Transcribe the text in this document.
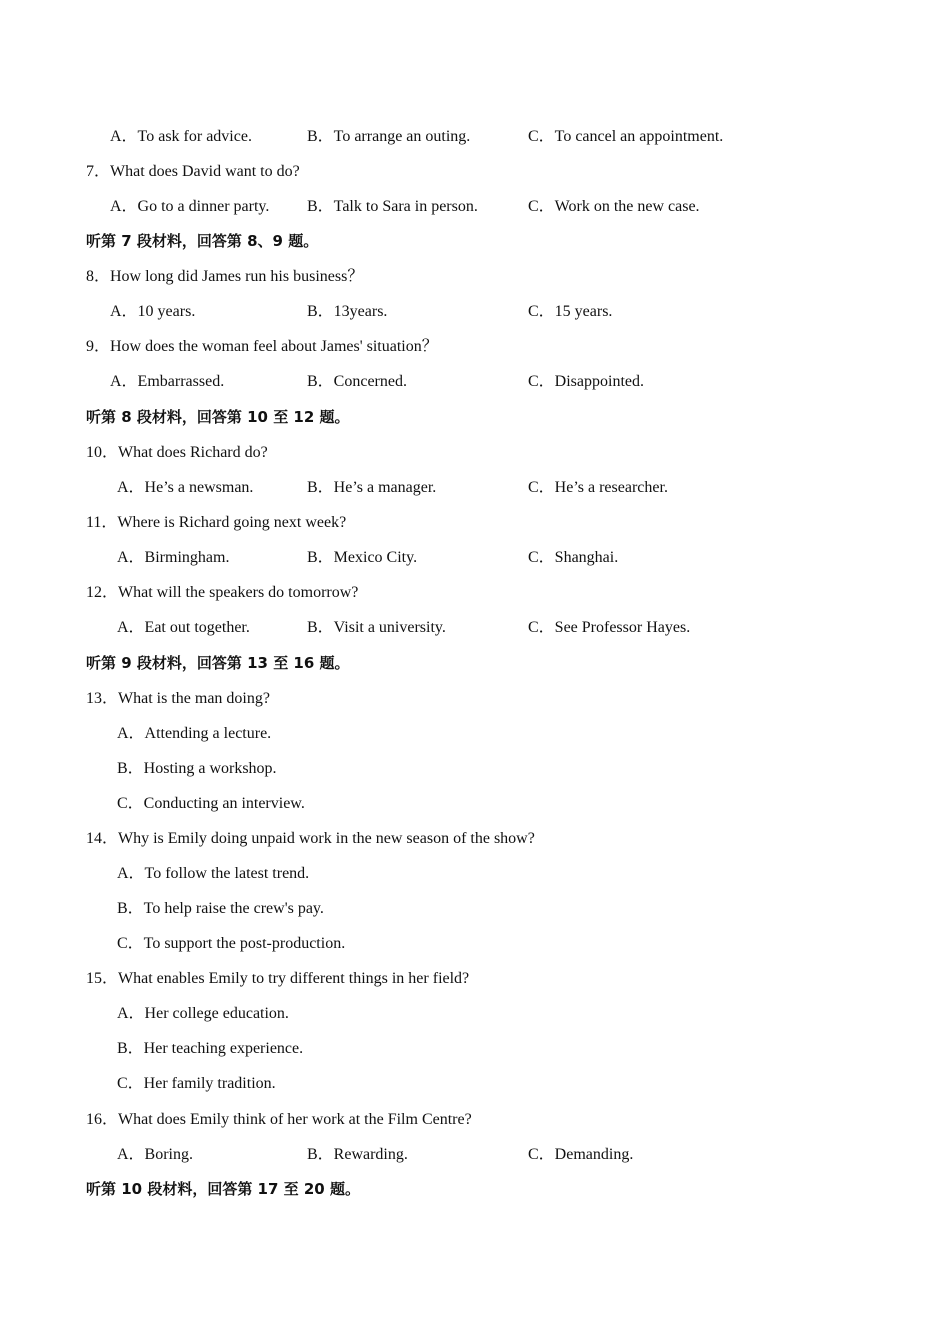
A．To ask for advice.	B．To arrange an outing.	C．To cancel an appointment.
7．What does David want to do?
A．Go to a dinner party. B．Talk to Sara in person.	C．Work on the new case.
听第 7 段材料，回答第 8、9 题。
8．How long did James run his business？
A．10 years.	B．13years.	C．15 years.
9．How does the woman feel about James' situation？
A．Embarrassed.	B．Concerned.	C．Disappointed.
听第 8 段材料，回答第 10 至 12 题。
10．What does Richard do?
A．He’s a newsman.	B．He’s a manager.	C．He’s a researcher.
11．Where is Richard going next week?
A．Birmingham.	B．Mexico City.	C．Shanghai.
12．What will the speakers do tomorrow?
A．Eat out together.	B．Visit a university.	C．See Professor Hayes.
听第 9 段材料，回答第 13 至 16 题。
13．What is the man doing?
A．Attending a lecture.
B．Hosting a workshop.
C．Conducting an interview.
14．Why is Emily doing unpaid work in the new season of the show?
A．To follow the latest trend.
B．To help raise the crew's pay.
C．To support the post-production.
15．What enables Emily to try different things in her field?
A．Her college education.
B．Her teaching experience.
C．Her family tradition.
16．What does Emily think of her work at the Film Centre?
A．Boring.	B．Rewarding.	C．Demanding.
听第 10 段材料，回答第 17 至 20 题。
